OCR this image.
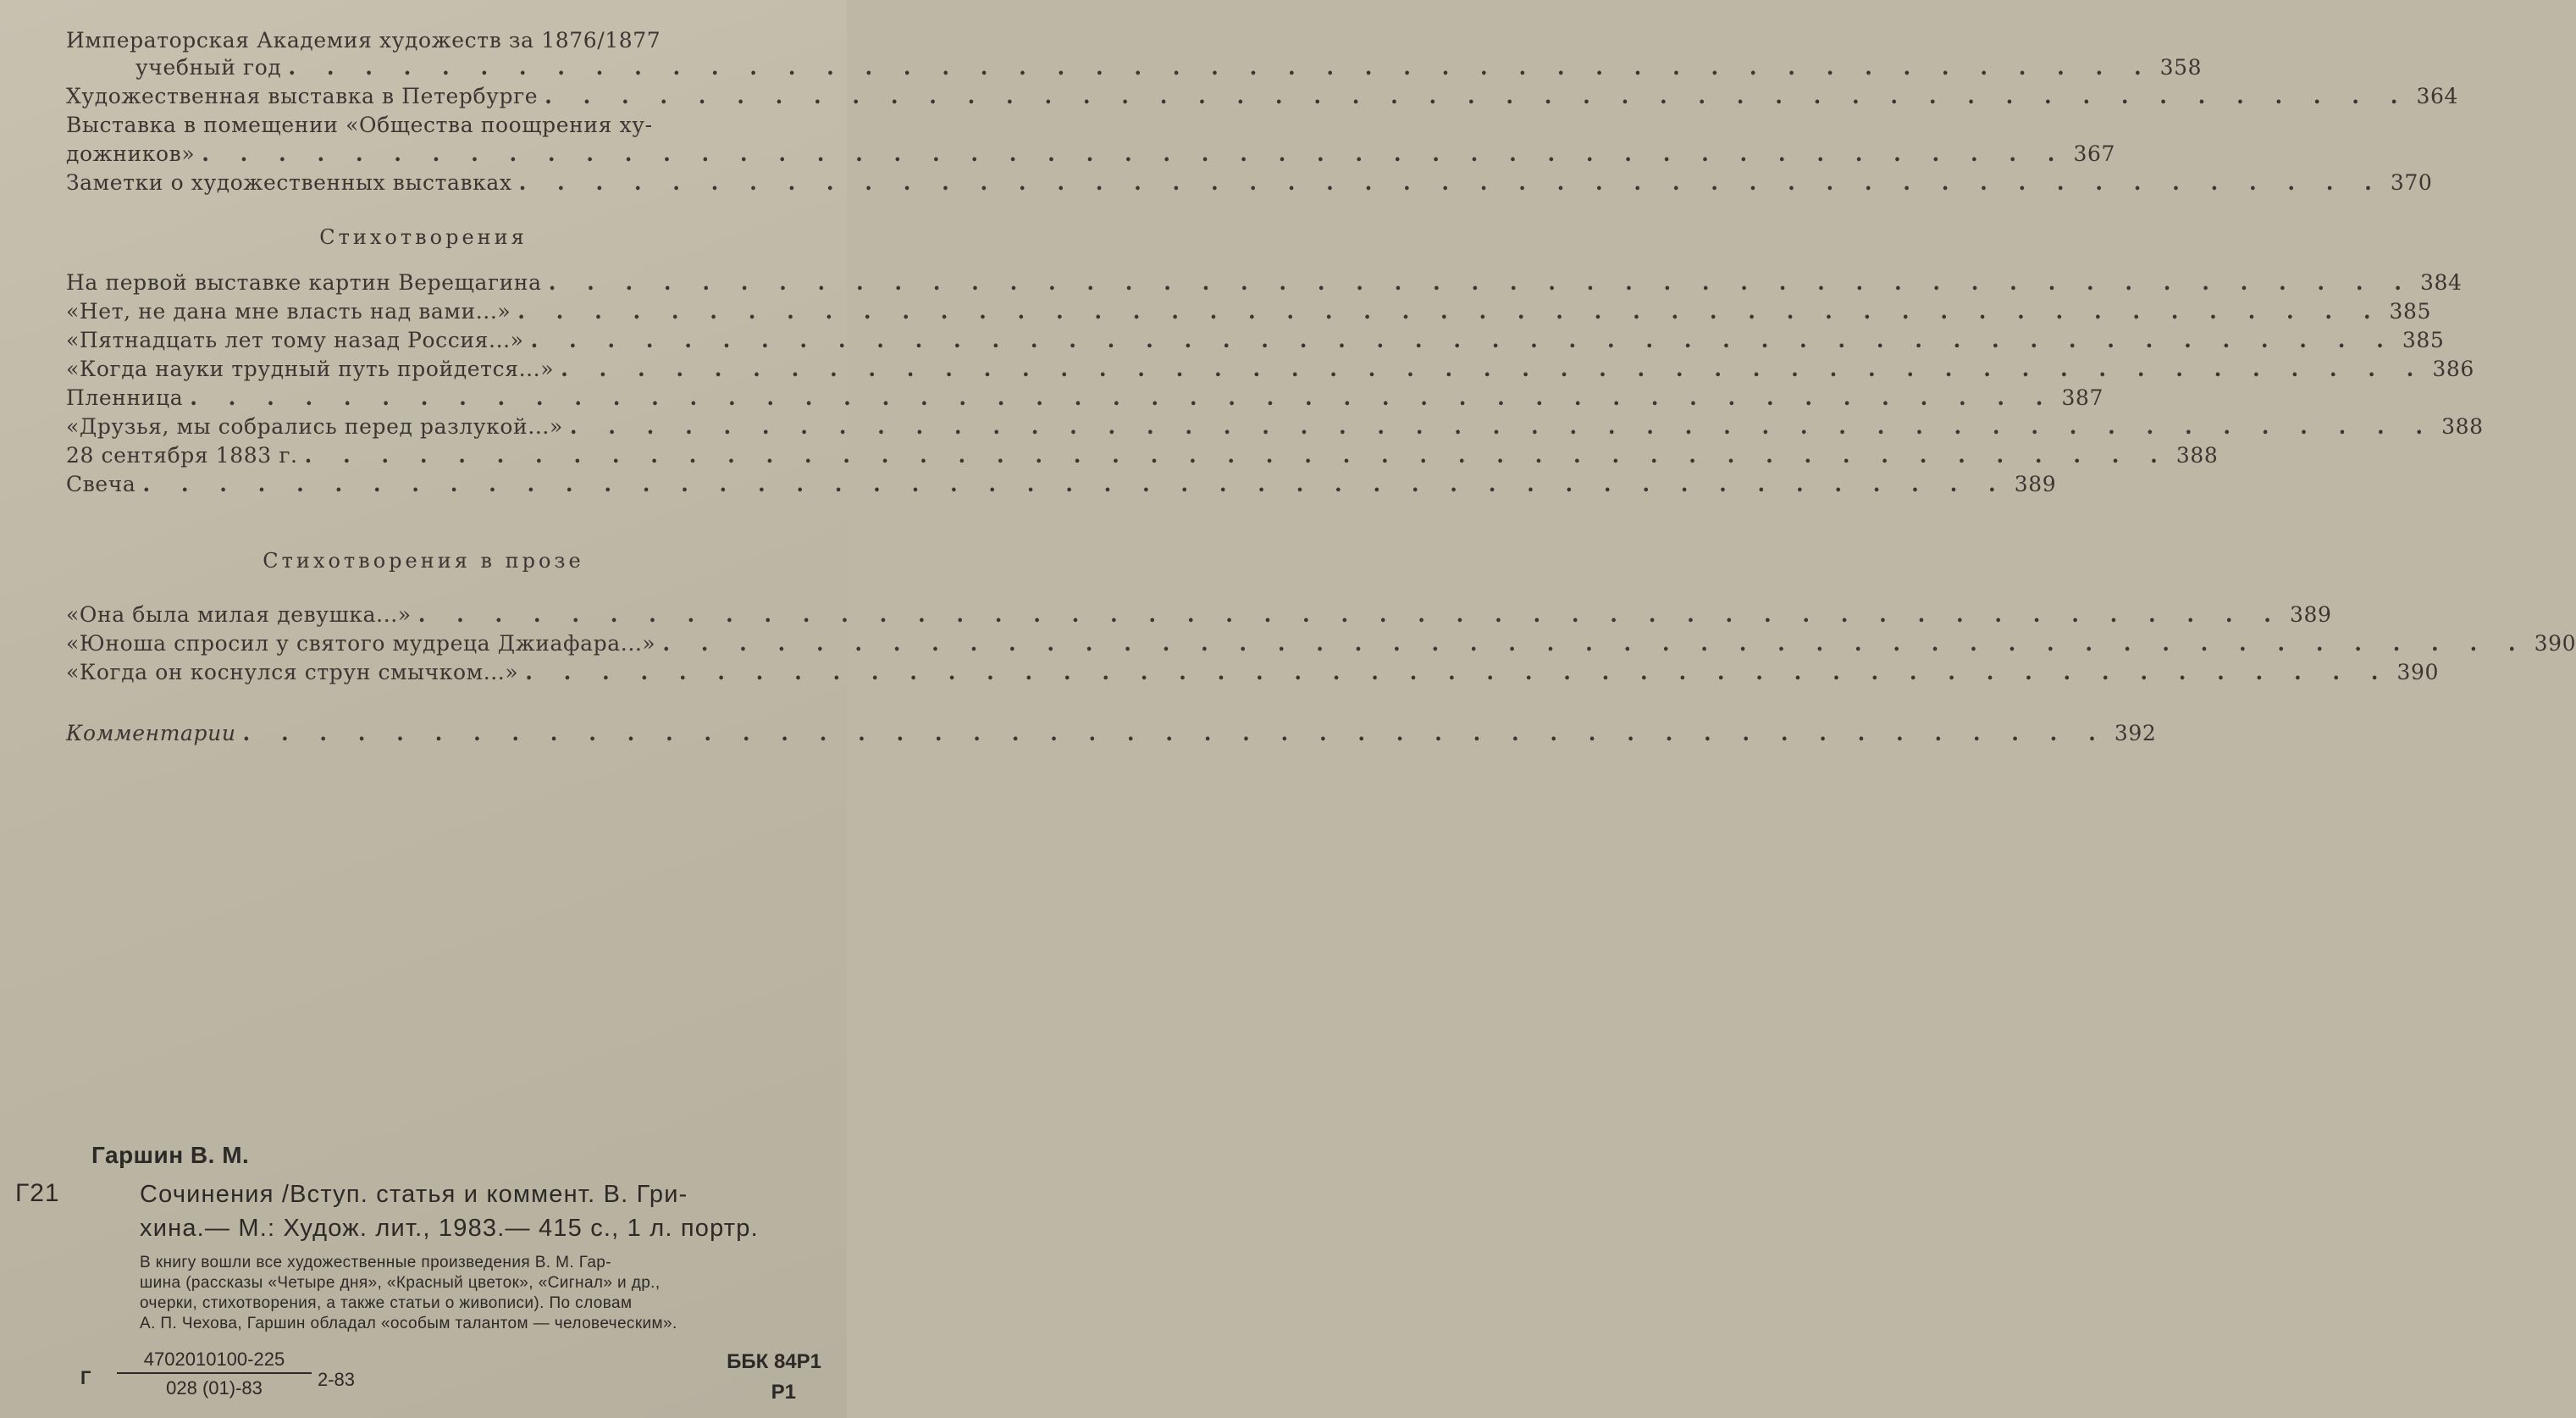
Императорская Академия художеств за 1876/1877
учебный год . . . . . . . . . . . . . . . . . . . . . . . . . . . . . . . . . . . . . . . . . . . . . . . . . 358
Художественная выставка в Петербурге . . . . . . . . . . . . . . . . . . . . . . . . . . . . . . . . . . . . . . . . . . . . . . . . . 364
Выставка в помещении «Общества поощрения ху-
дожников» . . . . . . . . . . . . . . . . . . . . . . . . . . . . . . . . . . . . . . . . . . . . . . . . . 367
Заметки о художественных выставках . . . . . . . . . . . . . . . . . . . . . . . . . . . . . . . . . . . . . . . . . . . . . . . . . 370
Стихотворения
На первой выставке картин Верещагина . . . . . . . . . . . . . . . . . . . . . . . . . . . . . . . . . . . . . . . . . . . . . . . . . 384
«Нет, не дана мне власть над вами...» . . . . . . . . . . . . . . . . . . . . . . . . . . . . . . . . . . . . . . . . . . . . . . . . . 385
«Пятнадцать лет тому назад Россия...» . . . . . . . . . . . . . . . . . . . . . . . . . . . . . . . . . . . . . . . . . . . . . . . . . 385
«Когда науки трудный путь пройдется...» . . . . . . . . . . . . . . . . . . . . . . . . . . . . . . . . . . . . . . . . . . . . . . . . . 386
Пленница . . . . . . . . . . . . . . . . . . . . . . . . . . . . . . . . . . . . . . . . . . . . . . . . . 387
«Друзья, мы собрались перед разлукой...» . . . . . . . . . . . . . . . . . . . . . . . . . . . . . . . . . . . . . . . . . . . . . . . . . 388
28 сентября 1883 г. . . . . . . . . . . . . . . . . . . . . . . . . . . . . . . . . . . . . . . . . . . . . . . . . . 388
Свеча . . . . . . . . . . . . . . . . . . . . . . . . . . . . . . . . . . . . . . . . . . . . . . . . . 389
Стихотворения в прозе
«Она была милая девушка...» . . . . . . . . . . . . . . . . . . . . . . . . . . . . . . . . . . . . . . . . . . . . . . . . . 389
«Юноша спросил у святого мудреца Джиафара...» . . . . . . . . . . . . . . . . . . . . . . . . . . . . . . . . . . . . . . . . . . . . . . . . . 390
«Когда он коснулся струн смычком...» . . . . . . . . . . . . . . . . . . . . . . . . . . . . . . . . . . . . . . . . . . . . . . . . . 390
Комментарии . . . . . . . . . . . . . . . . . . . . . . . . . . . . . . . . . . . . . . . . . . . . . . . . . 392
Гаршин В. М.
Г21	Сочинения /Вступ. статья и коммент. В. Гри-
хина.— М.: Худож. лит., 1983.— 415 с., 1 л. портр.
В книгу вошли все художественные произведения В. М. Гар-
шина (рассказы «Четыре дня», «Красный цветок», «Сигнал» и др.,
очерки, стихотворения, а также статьи о живописи). По словам
А. П. Чехова, Гаршин обладал «особым талантом — человеческим».
Г $\frac{4702010100-225}{028 (01)-83} 2-83$
ББК 84Р1
Р1
